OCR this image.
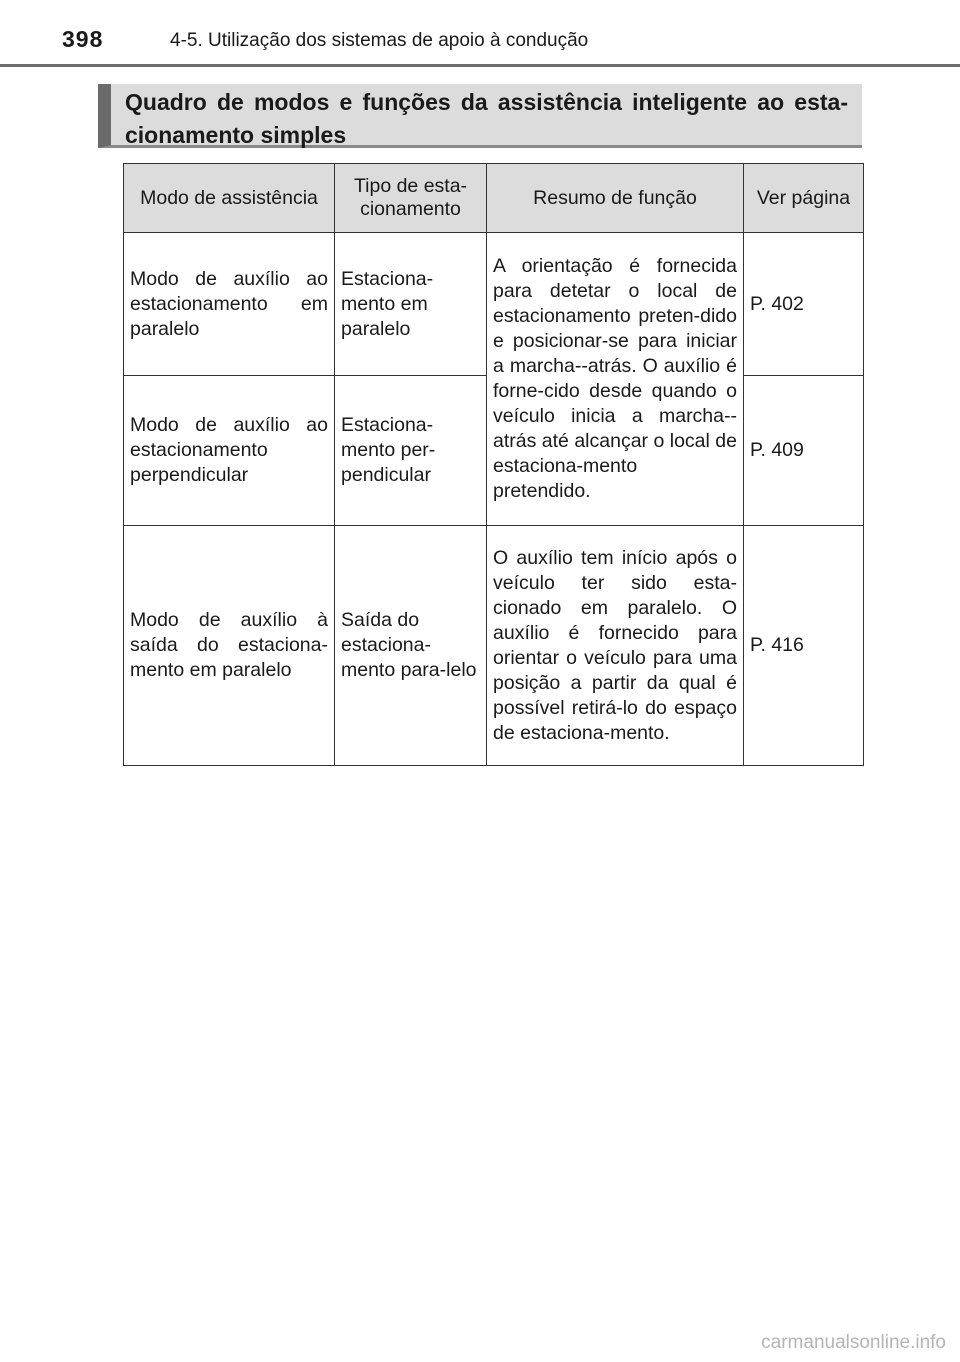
398	4-5. Utilização dos sistemas de apoio à condução
Quadro de modos e funções da assistência inteligente ao esta-cionamento simples
Modo de assistência	Tipo de esta-cionamento	Resumo de função	Ver página
Modo de auxílio ao estacionamento em paralelo	Estaciona-mento em paralelo	A orientação é fornecida para detetar o local de estacionamento preten-dido e posicionar-se para iniciar a marcha--atrás. O auxílio é forne-cido desde quando o veículo inicia a marcha--atrás até alcançar o local de estaciona-mento pretendido.	P. 402
Modo de auxílio ao estacionamento perpendicular	Estaciona-mento per-pendicular		P. 409
Modo de auxílio à saída do estaciona-mento em paralelo	Saída do estaciona-mento para-lelo	O auxílio tem início após o veículo ter sido esta-cionado em paralelo. O auxílio é fornecido para orientar o veículo para uma posição a partir da qual é possível retirá-lo do espaço de estaciona-mento.	P. 416
carmanualsonline.info
